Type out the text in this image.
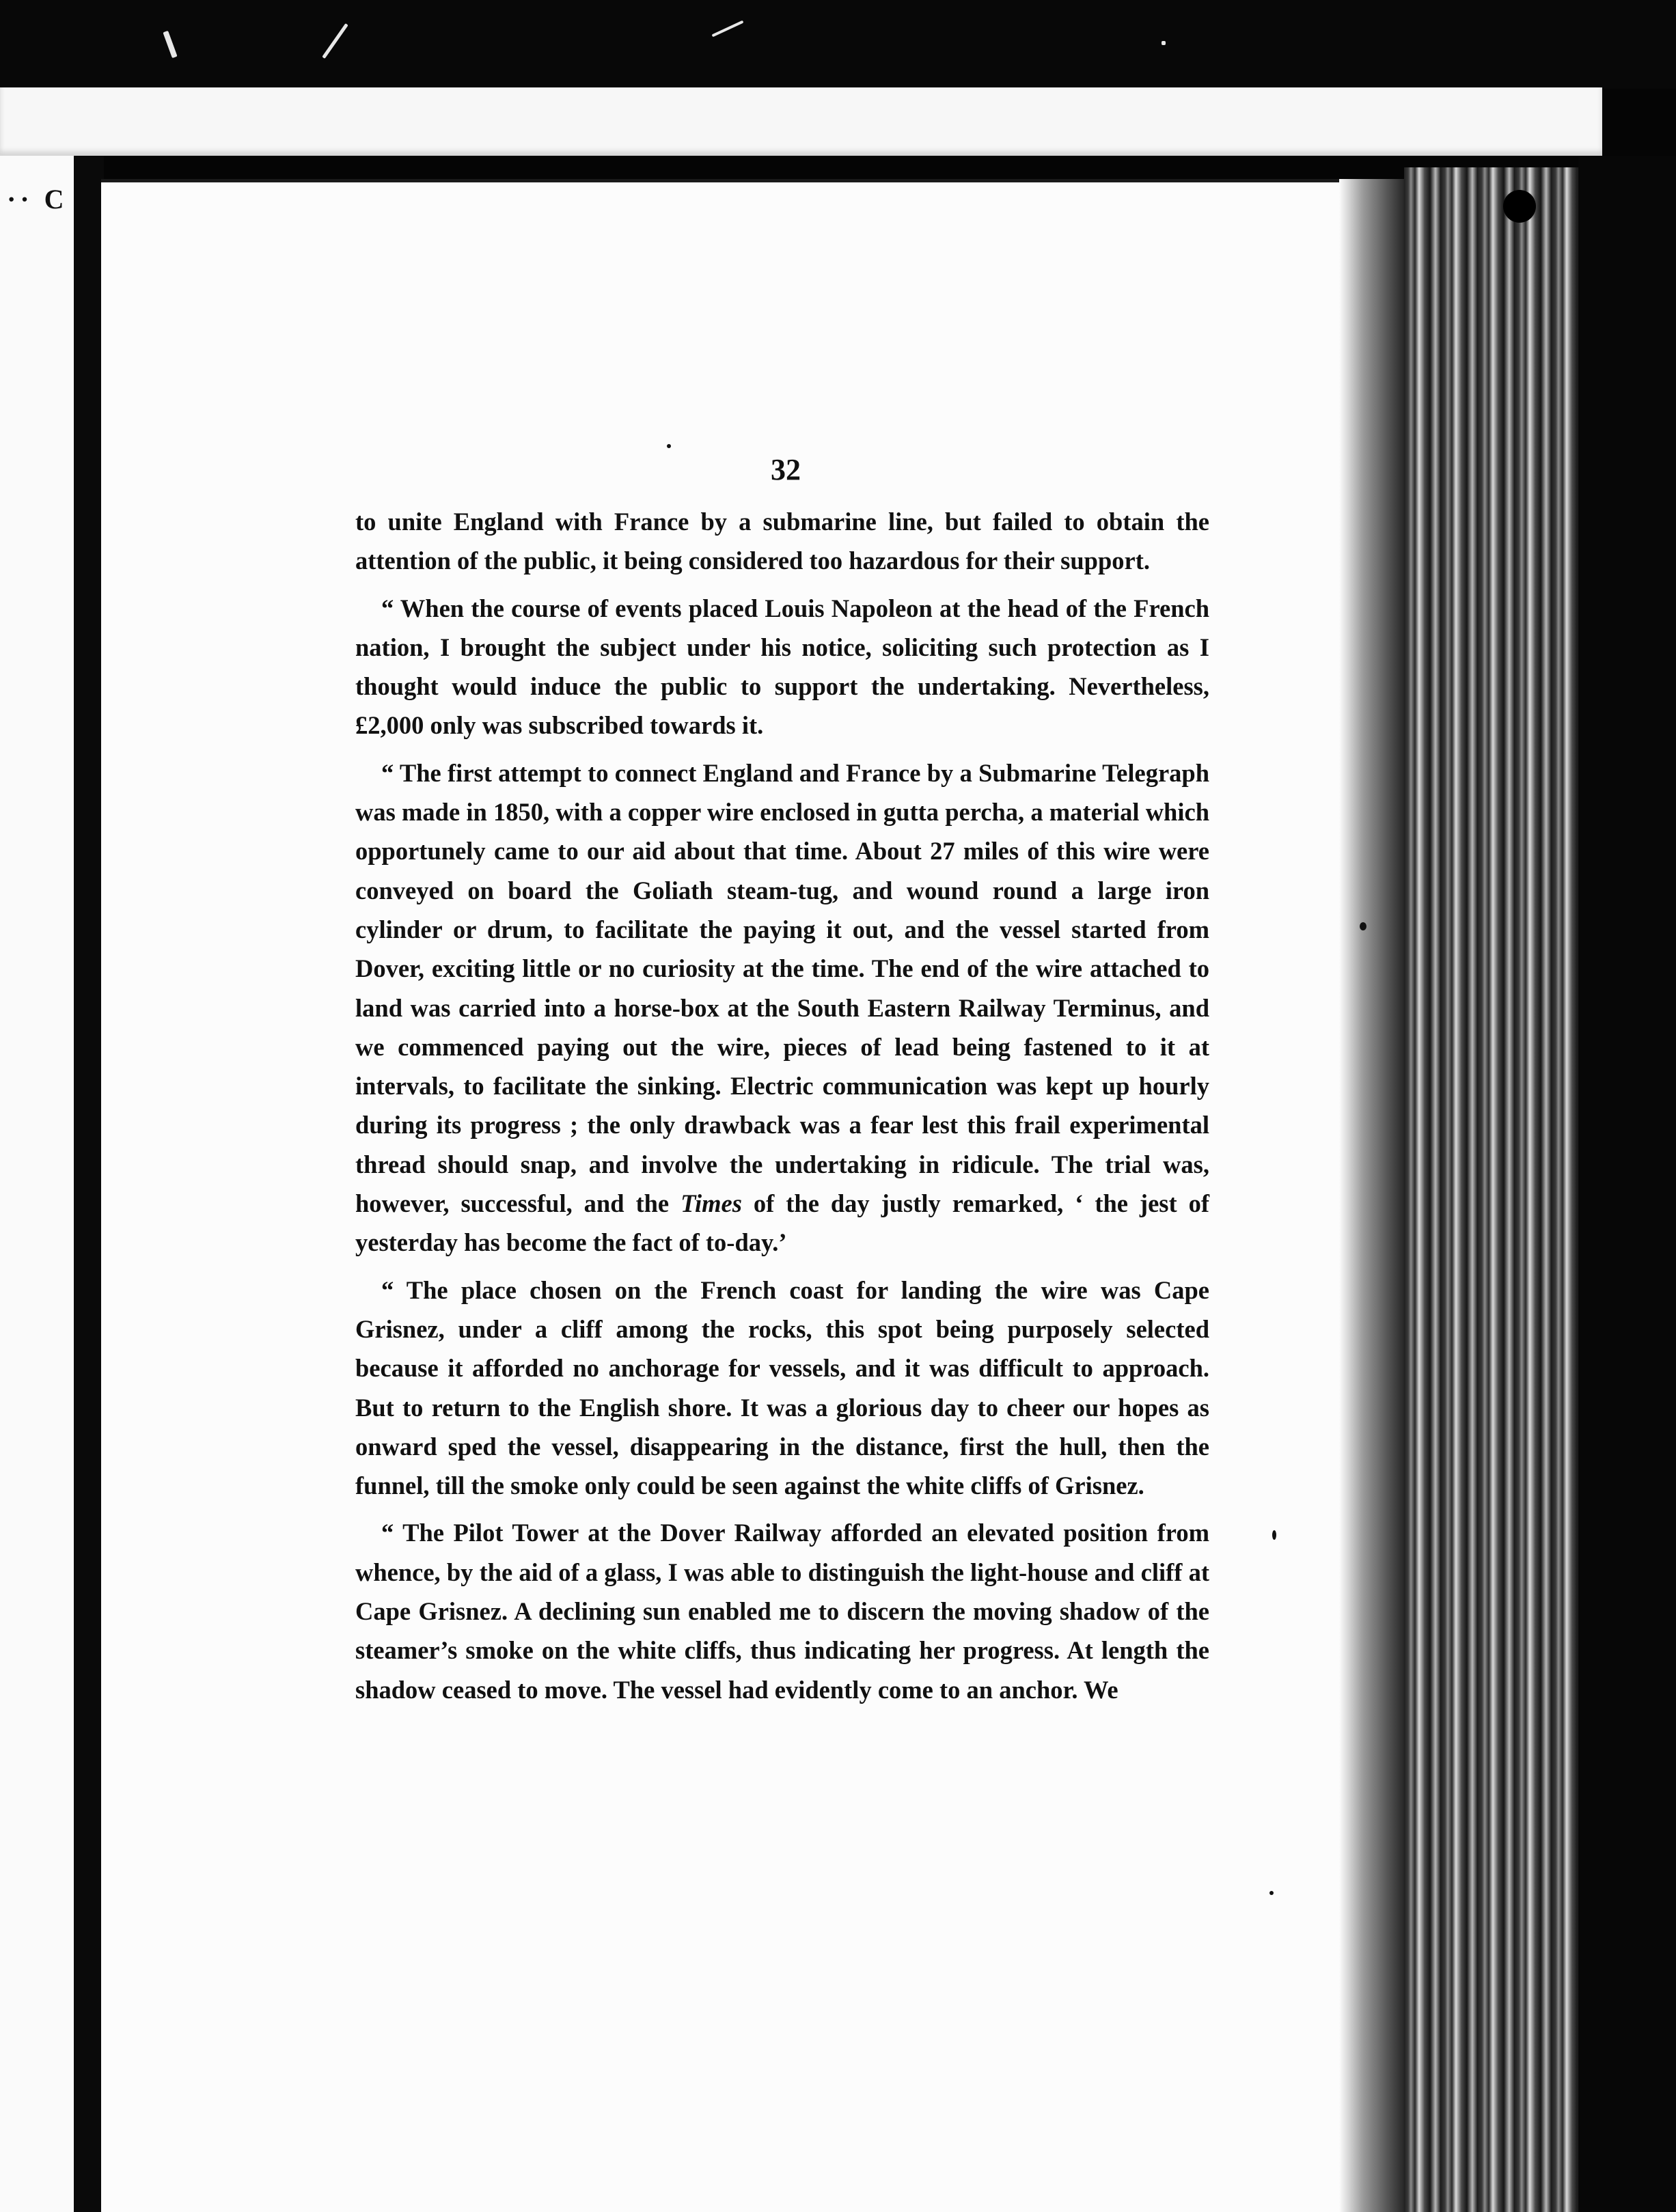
·· C
32

to unite England with France by a submarine line, but failed to obtain the attention of the public, it being considered too hazardous for their support.

“ When the course of events placed Louis Napoleon at the head of the French nation, I brought the subject under his notice, soliciting such protection as I thought would induce the public to support the undertaking. Nevertheless, £2,000 only was subscribed towards it.

“ The first attempt to connect England and France by a Submarine Telegraph was made in 1850, with a copper wire enclosed in gutta percha, a material which opportunely came to our aid about that time. About 27 miles of this wire were conveyed on board the Goliath steam-tug, and wound round a large iron cylinder or drum, to facilitate the paying it out, and the vessel started from Dover, exciting little or no curiosity at the time. The end of the wire attached to land was carried into a horse-box at the South Eastern Railway Terminus, and we commenced paying out the wire, pieces of lead being fastened to it at intervals, to facilitate the sinking. Electric communication was kept up hourly during its progress ; the only drawback was a fear lest this frail experimental thread should snap, and involve the undertaking in ridicule. The trial was, however, successful, and the Times of the day justly remarked, ‘ the jest of yesterday has become the fact of to-day.’

“ The place chosen on the French coast for landing the wire was Cape Grisnez, under a cliff among the rocks, this spot being purposely selected because it afforded no anchorage for vessels, and it was difficult to approach. But to return to the English shore. It was a glorious day to cheer our hopes as onward sped the vessel, disappearing in the distance, first the hull, then the funnel, till the smoke only could be seen against the white cliffs of Grisnez.

“ The Pilot Tower at the Dover Railway afforded an elevated position from whence, by the aid of a glass, I was able to distinguish the light-house and cliff at Cape Grisnez. A declining sun enabled me to discern the moving shadow of the steamer’s smoke on the white cliffs, thus indicating her progress. At length the shadow ceased to move. The vessel had evidently come to an anchor. We
